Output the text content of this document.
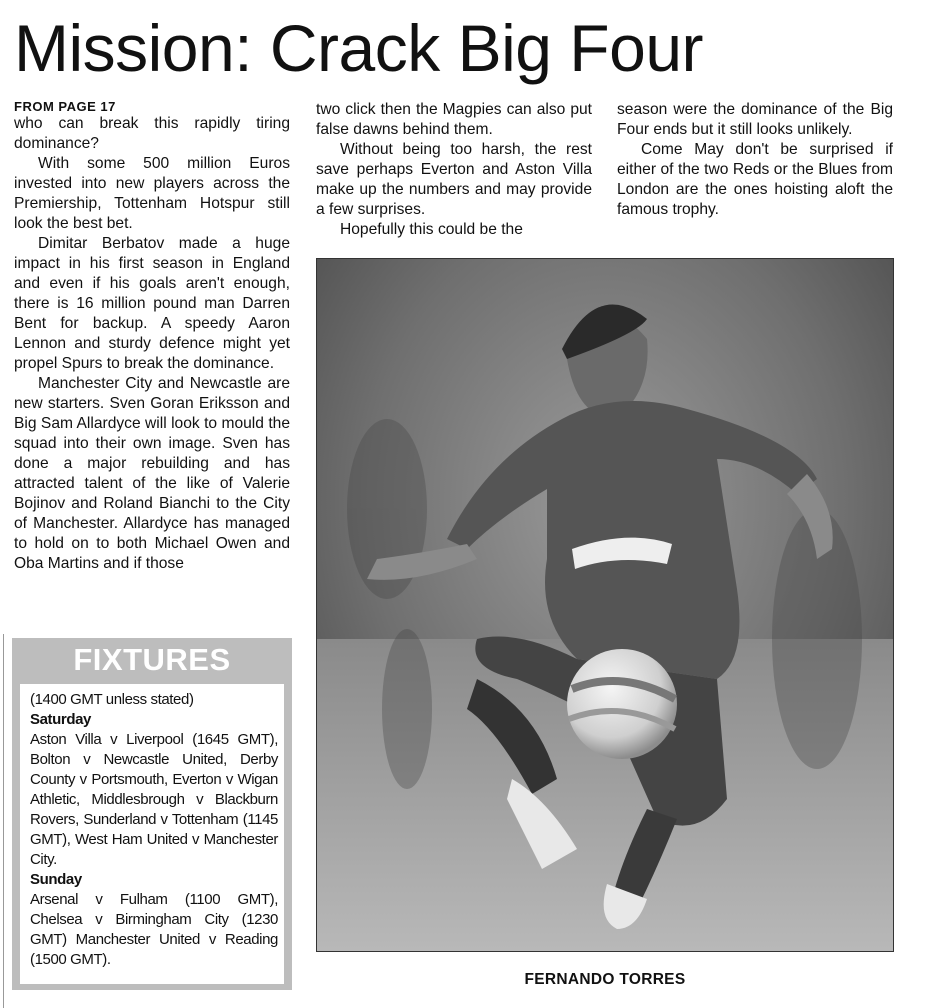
Mission: Crack Big Four
FROM PAGE 17

who can break this rapidly tiring dominance?

With some 500 million Euros invested into new players across the Premiership, Tottenham Hotspur still look the best bet.

Dimitar Berbatov made a huge impact in his first season in England and even if his goals aren't enough, there is 16 million pound man Darren Bent for backup. A speedy Aaron Lennon and sturdy defence might yet propel Spurs to break the dominance.

Manchester City and Newcastle are new starters. Sven Goran Eriksson and Big Sam Allardyce will look to mould the squad into their own image. Sven has done a major rebuilding and has attracted talent of the like of Valerie Bojinov and Roland Bianchi to the City of Manchester. Allardyce has managed to hold on to both Michael Owen and Oba Martins and if those

two click then the Magpies can also put false dawns behind them.

Without being too harsh, the rest save perhaps Everton and Aston Villa make up the numbers and may provide a few surprises.

Hopefully this could be the

season were the dominance of the Big Four ends but it still looks unlikely.

Come May don't be surprised if either of the two Reds or the Blues from London are the ones hoisting aloft the famous trophy.

FIXTURES

(1400 GMT unless stated)

Saturday

Aston Villa v Liverpool (1645 GMT), Bolton v Newcastle United, Derby County v Portsmouth, Everton v Wigan Athletic, Middlesbrough v Blackburn Rovers, Sunderland v Tottenham (1145 GMT), West Ham United v Manchester City.

Sunday

Arsenal v Fulham (1100 GMT), Chelsea v Birmingham City (1230 GMT) Manchester United v Reading (1500 GMT).

FERNANDO TORRES
